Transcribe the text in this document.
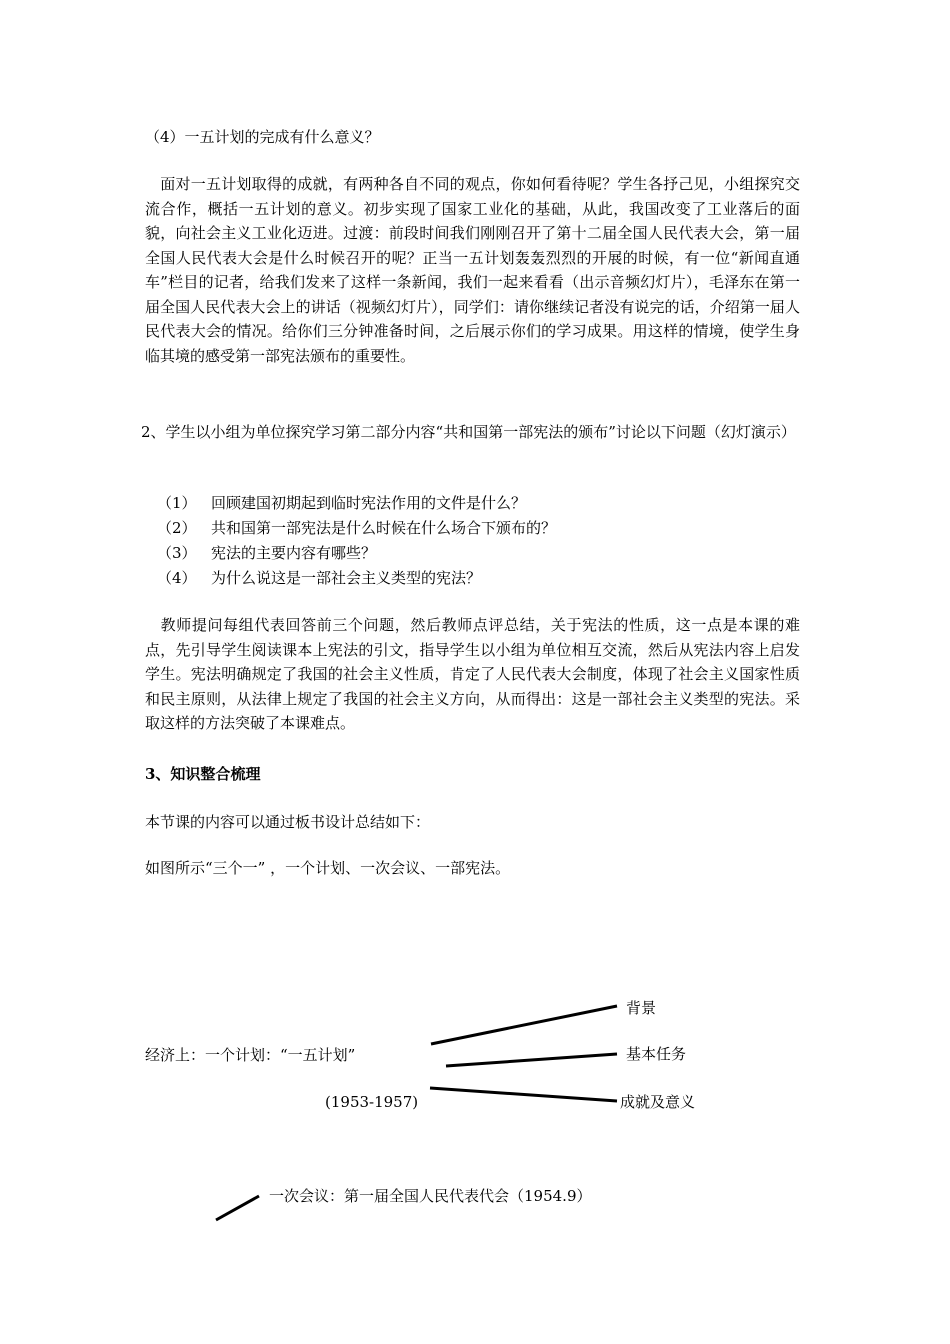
（4）一五计划的完成有什么意义？
　面对一五计划取得的成就，有两种各自不同的观点，你如何看待呢？学生各抒己见，小组探究交流合作，概括一五计划的意义。初步实现了国家工业化的基础，从此，我国改变了工业落后的面貌，向社会主义工业化迈进。过渡：前段时间我们刚刚召开了第十二届全国人民代表大会，第一届全国人民代表大会是什么时候召开的呢？正当一五计划轰轰烈烈的开展的时候，有一位“新闻直通车”栏目的记者，给我们发来了这样一条新闻，我们一起来看看（出示音频幻灯片），毛泽东在第一届全国人民代表大会上的讲话（视频幻灯片），同学们：请你继续记者没有说完的话，介绍第一届人民代表大会的情况。给你们三分钟准备时间，之后展示你们的学习成果。用这样的情境，使学生身临其境的感受第一部宪法颁布的重要性。
2、学生以小组为单位探究学习第二部分内容“共和国第一部宪法的颁布”讨论以下问题（幻灯演示）
（1） 回顾建国初期起到临时宪法作用的文件是什么？
（2） 共和国第一部宪法是什么时候在什么场合下颁布的？
（3） 宪法的主要内容有哪些？
（4） 为什么说这是一部社会主义类型的宪法？
　教师提问每组代表回答前三个问题，然后教师点评总结，关于宪法的性质，这一点是本课的难点，先引导学生阅读课本上宪法的引文，指导学生以小组为单位相互交流，然后从宪法内容上启发学生。宪法明确规定了我国的社会主义性质，肯定了人民代表大会制度，体现了社会主义国家性质和民主原则，从法律上规定了我国的社会主义方向，从而得出：这是一部社会主义类型的宪法。采取这样的方法突破了本课难点。
3、知识整合梳理
本节课的内容可以通过板书设计总结如下：
如图所示“三个一” ，一个计划、一次会议、一部宪法。
经济上：一个计划：“一五计划”
(1953-1957)
背景
基本任务
成就及意义
一次会议：第一届全国人民代表代会（1954.9）
